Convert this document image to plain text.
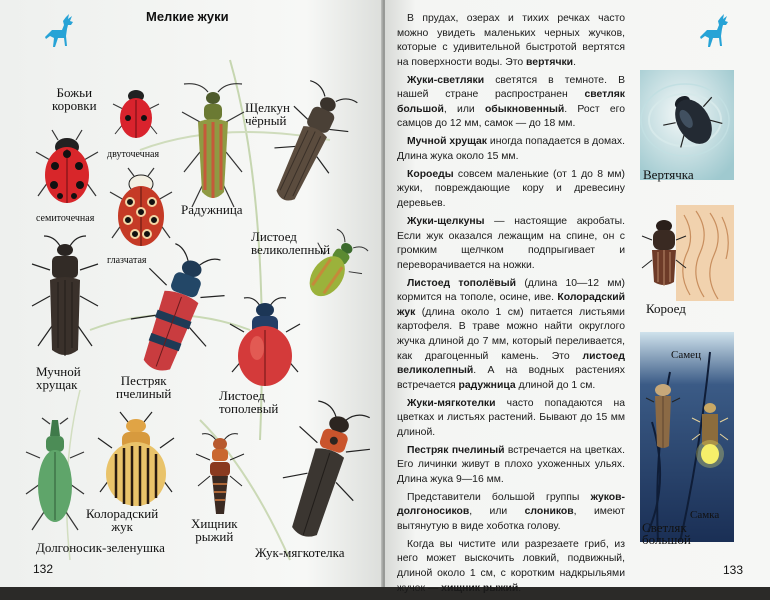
Мелкие жуки
Божьи
коровки
двуточечная
семиточечная
глазчатая
Радужница
Щелкун
чёрный
Листоед
великолепный
Мучной
хрущак	Пестряк
пчелиный	Листоед
тополевый
Колорадский
жук	Хищник
рыжий
Долгоносик-зеленушка	Жук-мягкотелка
132

В прудах, озерах и тихих речках часто можно увидеть маленьких черных жучков, которые с удивительной быстротой вертятся на поверхности воды. Это вертячки.

Жуки-светляки светятся в темноте. В нашей стране распространен светляк большой, или обыкновенный. Рост его самцов до 12 мм, самок — до 18 мм.

Мучной хрущак иногда попадается в домах. Длина жука около 15 мм.

Короеды совсем маленькие (от 1 до 8 мм) жуки, повреждающие кору и древесину деревьев.

Жуки-щелкуны — настоящие акробаты. Если жук оказался лежащим на спине, он с громким щелчком подпрыгивает и переворачивается на ножки.

Листоед тополёвый (длина 10—12 мм) кормится на тополе, осине, иве. Колорадский жук (длина около 1 см) питается листьями картофеля. В траве можно найти округлого жучка длиной до 7 мм, который переливается, как драгоценный камень. Это листоед великолепный. А на водных растениях встречается радужница длиной до 1 см.

Жуки-мягкотелки часто попадаются на цветках и листьях растений. Бывают до 15 мм длиной.

Пестряк пчелиный встречается на цветках. Его личинки живут в плохо ухоженных ульях. Длина жука 9—16 мм.

Представители большой группы жуков-долгоносиков, или слоников, имеют вытянутую в виде хоботка голову.

Когда вы чистите или разрезаете гриб, из него может выскочить ловкий, подвижный, длиной около 1 см, с коротким надкрыльями жучок — хищник рыжий.

Вертячка
Короед
Самец
Самка
Светляк
большой
133
